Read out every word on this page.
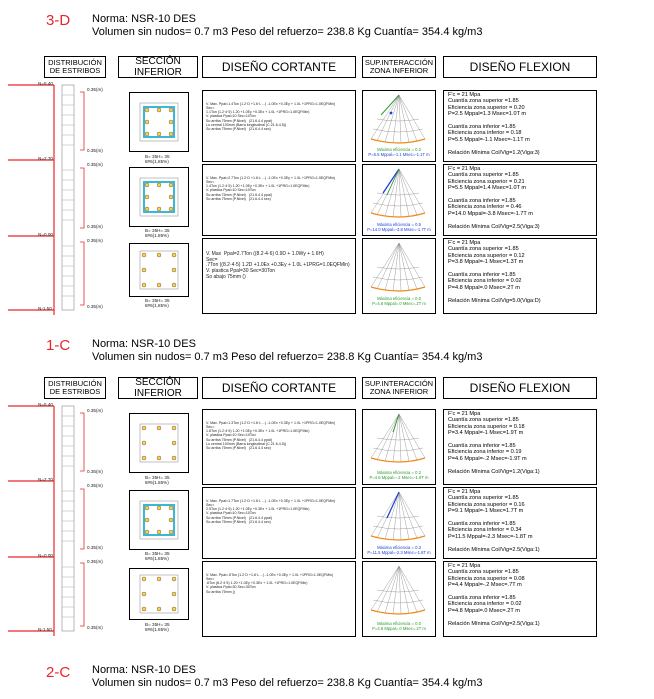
3-D Norma: NSR-10 DES
Volumen sin nudos= 0.7 m3 Peso del refuerzo= 238.8 Kg Cuantía= 354.4 kg/m3
DISTRIBUCIÓN
DE ESTRIBOS
SECCIÓN
INFERIOR	DISEÑO CORTANTE	SUP.INTERACCIÓN
ZONA INFERIOR	DISEÑO FLEXION
N=5.40
N=2.70
N=0.00
N-1.50
0.35(m)
0.35(m)
0.35(m)
0.35(m)
0.35(m)
0.35(m)
B= 35H= 35
8#6(1.85%)

V. Max. Ppal=1.4Ton (1.2·D +1.6·L ...) -1.0Ex +0.3Ey + 1.0L +1PRG=1.0EQFMin)
Sec=
1.1Ton (1.2·4·5) 1.20 +1.0Ey +0.3Ex + 1.0L +1PRG=1.0EQFMin)
V. plastica Ppal=10 Sec=10Ton
So arriba 75mm (P.Nivel)   (21.6.4.4 ppal)
Lo central 100mm (Barra longitudinal (C.21.6.4.5))
So arriba 75mm (P.Nivel)   (21.6.4.4 sec)

Máxima eficiencia = 0.2
P=5.5 Mppal=-1.1 Msec=-1.1T m
F'c = 21 Mpa
Cuantía zona superior =1.85
Eficiencia zona superior = 0.20
P=2.5 Mppal=1.3 Msec=1.0T m
Cuantía zona inferior =1.85
Eficiencia zona inferior = 0.18
P=5.5 Mppal=-1.1 Msec=-1.1T m
Relación Mínima Col/Vig=1.2(Viga:3)
B= 35H= 35
8#6(1.85%)

V. Max. Ppal=2.7Ton (1.2·D +1.6·L ...) -1.0Ex +0.3Ey + 1.0L +1PRG=1.0EQFMin)
Sec=
1.4Ton (1.2·4·5) 1.20 +1.0Ey +0.3Ex + 1.0L +1PRG=1.0EQFMin)
V. plastica Ppal=10 Sec=10Ton
So arriba 75mm (P.Nivel)   (21.6.4.4 ppal)
So arriba 75mm (P.Nivel)   (21.6.4.4 sec)

Máxima eficiencia = 0.5
P=14.0 Mppal=-3.8 Msec=-1.7T m
F'c = 21 Mpa
Cuantía zona superior =1.85
Eficiencia zona superior = 0.21
P=5.5 Mppal=1.4 Msec=1.0T m
Cuantía zona inferior =1.85
Eficiencia zona inferior = 0.46
P=14.0 Mppal=-3.8 Msec=-1.7T m
Relación Mínima Col/Vig=2.5(Viga:3)
B= 35H= 35
8#6(1.85%)

V. Max  Ppal=2.7Ton ((8.2·4·6) 0.9D + 1.0Wy + 1.6H)
Sec=
.7Ton ((8.2·4·5) 1.2D +1.0Ex +0.3Ey + 1.0L +1PRG=1.0EQFMin)
V. plastica Ppal=30 Sec=30Ton
So abajo 75mm ()

Máxima eficiencia = 0.0
P=4.8 Mppal=.0 Msec=.2T m
F'c = 21 Mpa
Cuantía zona superior =1.85
Eficiencia zona superior = 0.12
P=3.8 Mppal=-1 Msec=1.3T m
Cuantía zona inferior =1.85
Eficiencia zona inferior = 0.02
P=4.8 Mppal=.0 Msec=.2T m
Relación Mínima Col/Vig=5.0(Viga:D)
1-C Norma: NSR-10 DES
Volumen sin nudos= 0.7 m3 Peso del refuerzo= 238.8 Kg Cuantía= 354.4 kg/m3
DISTRIBUCIÓN
DE ESTRIBOS
SECCIÓN
INFERIOR	DISEÑO CORTANTE	SUP.INTERACCIÓN
ZONA INFERIOR	DISEÑO FLEXION
N=5.40
N=2.70
N=0.00
N-1.50
0.35(m)
0.35(m)
0.35(m)
0.35(m)
0.35(m)
0.35(m)
B= 35H= 35
8#6(1.85%)

V. Max. Ppal=1.3Ton (1.2·D +1.6·L ...) -1.0Ex +0.3Ey + 1.0L +1PRG=1.0EQFMin)
Sec=
1.6Ton (1.2·4·5) 1.20 +1.0Ey +0.3Ex + 1.0L +1PRG=1.0EQFMin)
V. plastica Ppal=10 Sec=10Ton
So arriba 75mm (P.Nivel)   (21.6.4.4 ppal)
Lo central 100mm (Barra longitudinal (C.21.6.4.5))
So arriba 75mm (P.Nivel)   (21.6.4.4 sec)

Máxima eficiencia = 0.2
P=4.6 Mppal=-.2 Msec=-1.9T m
F'c = 21 Mpa
Cuantía zona superior =1.85
Eficiencia zona superior = 0.18
P=3.4 Mppal=-1 Msec=1.9T m
Cuantía zona inferior =1.85
Eficiencia zona inferior = 0.19
P=4.6 Mppal=-.2 Msec=-1.9T m
Relación Mínima Col/Vig=1.2(Viga:1)
B= 35H= 35
8#6(1.85%)

V. Max. Ppal=1.7Ton (1.2·D +1.6·L ...) -1.0Ex +0.3Ey + 1.0L +1PRG=1.0EQFMin)
Sec=
2.5Ton (1.2·4·5) 1.20 +1.0Ey +0.3Ex + 1.0L +1PRG=1.0EQFMin)
V. plastica Ppal=10 Sec=10Ton
So arriba 75mm (P.Nivel)   (21.6.4.4 ppal)
So arriba 75mm (P.Nivel)   (21.6.4.4 sec)

Máxima eficiencia = 0.3
P=11.5 Mppal=-2.3 Msec=-1.8T m
F'c = 21 Mpa
Cuantía zona superior =1.85
Eficiencia zona superior = 0.16
P=9.1 Mppal=-1 Msec=1.7T m
Cuantía zona inferior =1.85
Eficiencia zona inferior = 0.34
P=11.5 Mppal=-2.3 Msec=-1.8T m
Relación Mínima Col/Vig=2.5(Viga:1)
B= 35H= 35
8#6(1.85%)

V. Max. Ppal=.6Ton (1.2·D +1.6·L ...) -1.0Ex +0.3Ey + 1.0L +1PRG=1.0EQFMin)
Sec=
.6Ton (8.2·4·5) 1.20 +1.0Ey +0.3Ex + 1.0L +1PRG=1.0EQFMin)
V. plastica Ppal=30 Sec=30Ton
So arriba 75mm ()

Máxima eficiencia = 0.0
P=4.8 Mppal=.0 Msec=.2T m
F'c = 21 Mpa
Cuantía zona superior =1.85
Eficiencia zona superior = 0.08
P=4.4 Mppal=-.2 Msec=.7T m
Cuantía zona inferior =1.85
Eficiencia zona inferior = 0.02
P=4.8 Mppal=.0 Msec=.2T m
Relación Mínima Col/Vig=2.5(Viga:1)
2-C Norma: NSR-10 DES
Volumen sin nudos= 0.7 m3 Peso del refuerzo= 238.8 Kg Cuantía= 354.4 kg/m3
